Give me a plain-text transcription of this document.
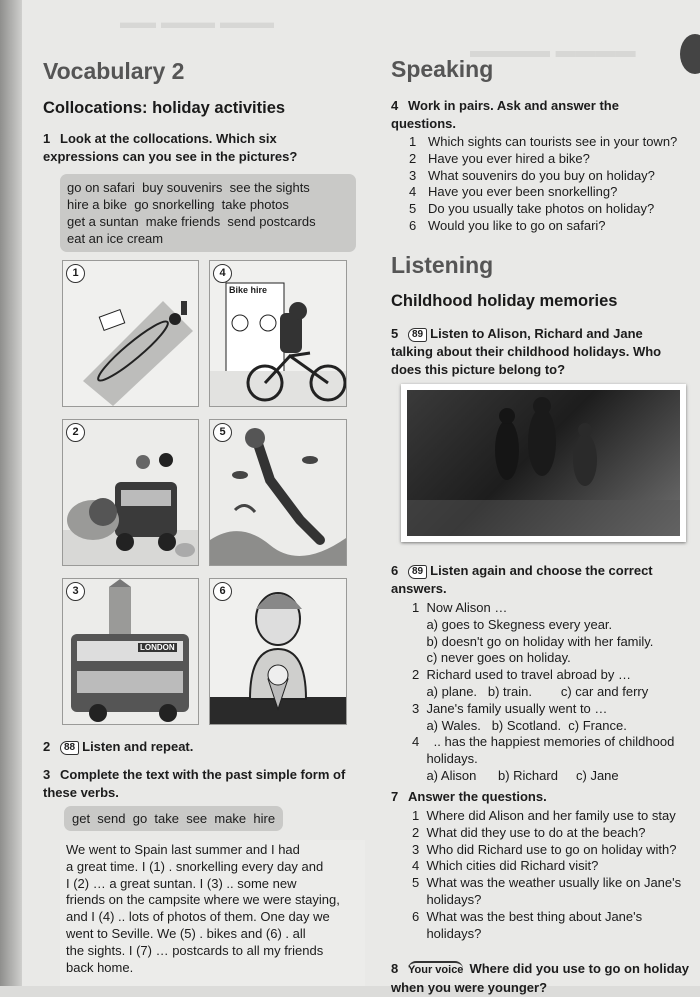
▬▬▬ ▬▬▬ ▬▬
▬▬▬▬ ▬▬▬▬
Vocabulary 2
Collocations: holiday activities
1 Look at the collocations. Which six expressions can you see in the pictures?
go on safari  buy souvenirs  see the sights
hire a bike  go snorkelling  take photos
get a suntan  make friends  send postcards
eat an ice cream
1	4
Bike hire
2	5
3
LONDON
6
2 88 Listen and repeat.
3 Complete the text with the past simple form of these verbs.
get  send  go  take  see  make  hire
We went to Spain last summer and I had
a great time. I (1) . snorkelling every day and
I (2) … a great suntan. I (3) .. some new
friends on the campsite where we were staying,
and I (4) .. lots of photos of them. One day we
went to Seville. We (5) . bikes and (6) . all
the sights. I (7) … postcards to all my friends
back home.
Speaking
4 Work in pairs. Ask and answer the questions.
1 Which sights can tourists see in your town?
2 Have you ever hired a bike?
3 What souvenirs do you buy on holiday?
4 Have you ever been snorkelling?
5 Do you usually take photos on holiday?
6 Would you like to go on safari?
Listening
Childhood holiday memories
5 89 Listen to Alison, Richard and Jane talking about their childhood holidays. Who does this picture belong to?
6 89 Listen again and choose the correct answers.
1  Now Alison …
a) goes to Skegness every year.
b) doesn't go on holiday with her family.
c) never goes on holiday.
2  Richard used to travel abroad by …
a) plane.   b) train.        c) car and ferry
3  Jane's family usually went to …
a) Wales.   b) Scotland.  c) France.
4    .. has the happiest memories of childhood
holidays.
a) Alison      b) Richard     c) Jane
7 Answer the questions.
1  Where did Alison and her family use to stay
2  What did they use to do at the beach?
3  Who did Richard use to go on holiday with?
4  Which cities did Richard visit?
5  What was the weather usually like on Jane's
holidays?
6  What was the best thing about Jane's
holidays?
8 Your voice Where did you use to go on holiday when you were younger?
